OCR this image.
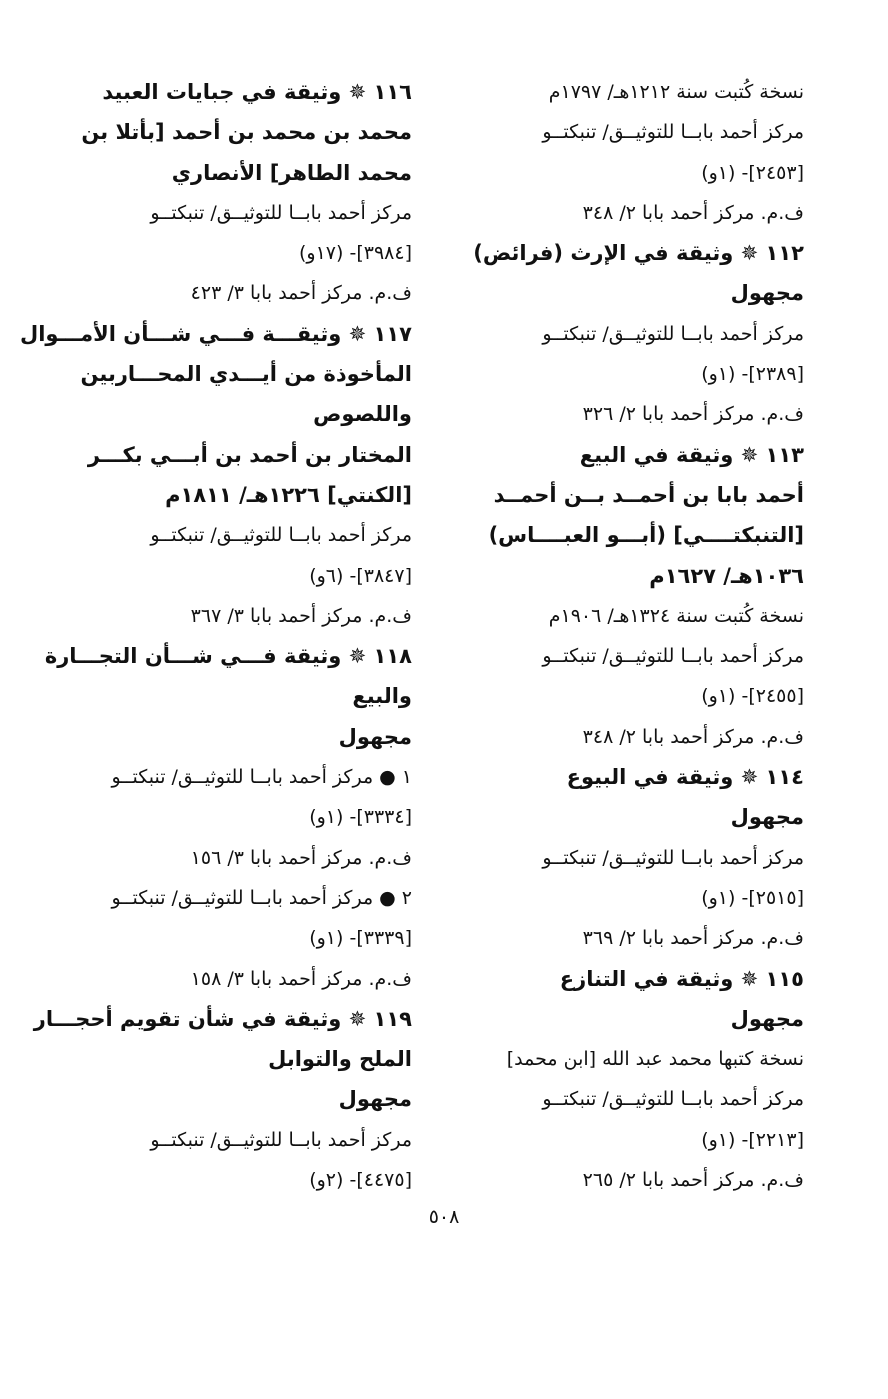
نسخة كُتبت سنة ١٢١٢هـ/ ١٧٩٧م
مركز أحمد بابــا للتوثيــق/ تنبكتــو
[٢٤٥٣]- (١و)
ف.م. مركز أحمد بابا ٢/ ٣٤٨
١١٢ ✵ وثيقة في الإرث (فرائض)
مجهول
مركز أحمد بابــا للتوثيــق/ تنبكتــو
[٢٣٨٩]- (١و)
ف.م. مركز أحمد بابا ٢/ ٣٢٦
١١٣ ✵ وثيقة في البيع
أحمد بابا بن أحمــد بــن أحمــد
[التنبكتــــي] (أبـــو العبــــاس)
١٠٣٦هـ/ ١٦٢٧م
نسخة كُتبت سنة ١٣٢٤هـ/ ١٩٠٦م
مركز أحمد بابــا للتوثيــق/ تنبكتــو
[٢٤٥٥]- (١و)
ف.م. مركز أحمد بابا ٢/ ٣٤٨
١١٤ ✵ وثيقة في البيوع
مجهول
مركز أحمد بابــا للتوثيــق/ تنبكتــو
[٢٥١٥]- (١و)
ف.م. مركز أحمد بابا ٢/ ٣٦٩
١١٥ ✵ وثيقة في التنازع
مجهول
نسخة كتبها محمد عبد الله [ابن محمد]
مركز أحمد بابــا للتوثيــق/ تنبكتــو
[٢٢١٣]- (١و)
ف.م. مركز أحمد بابا ٢/ ٢٦٥
١١٦ ✵ وثيقة في جبايات العبيد
محمد بن محمد بن أحمد [بأتلا بن
محمد الطاهر] الأنصاري
مركز أحمد بابــا للتوثيــق/ تنبكتــو
[٣٩٨٤]- (١٧و)
ف.م. مركز أحمد بابا ٣/ ٤٢٣
١١٧ ✵ وثيقـــة فـــي شـــأن الأمـــوال
المأخوذة من أيـــدي المحـــاربين
واللصوص
المختار بن أحمد بن أبـــي بكـــر
[الكنتي] ١٢٢٦هـ/ ١٨١١م
مركز أحمد بابــا للتوثيــق/ تنبكتــو
[٣٨٤٧]- (٦و)
ف.م. مركز أحمد بابا ٣/ ٣٦٧
١١٨ ✵ وثيقة فـــي شـــأن التجـــارة
والبيع
مجهول
١ ● مركز أحمد بابــا للتوثيــق/ تنبكتــو
[٣٣٣٤]- (١و)
ف.م. مركز أحمد بابا ٣/ ١٥٦
٢ ● مركز أحمد بابــا للتوثيــق/ تنبكتــو
[٣٣٣٩]- (١و)
ف.م. مركز أحمد بابا ٣/ ١٥٨
١١٩ ✵ وثيقة في شأن تقويم أحجـــار
الملح والتوابل
مجهول
مركز أحمد بابــا للتوثيــق/ تنبكتــو
[٤٤٧٥]- (٢و)
٥٠٨
